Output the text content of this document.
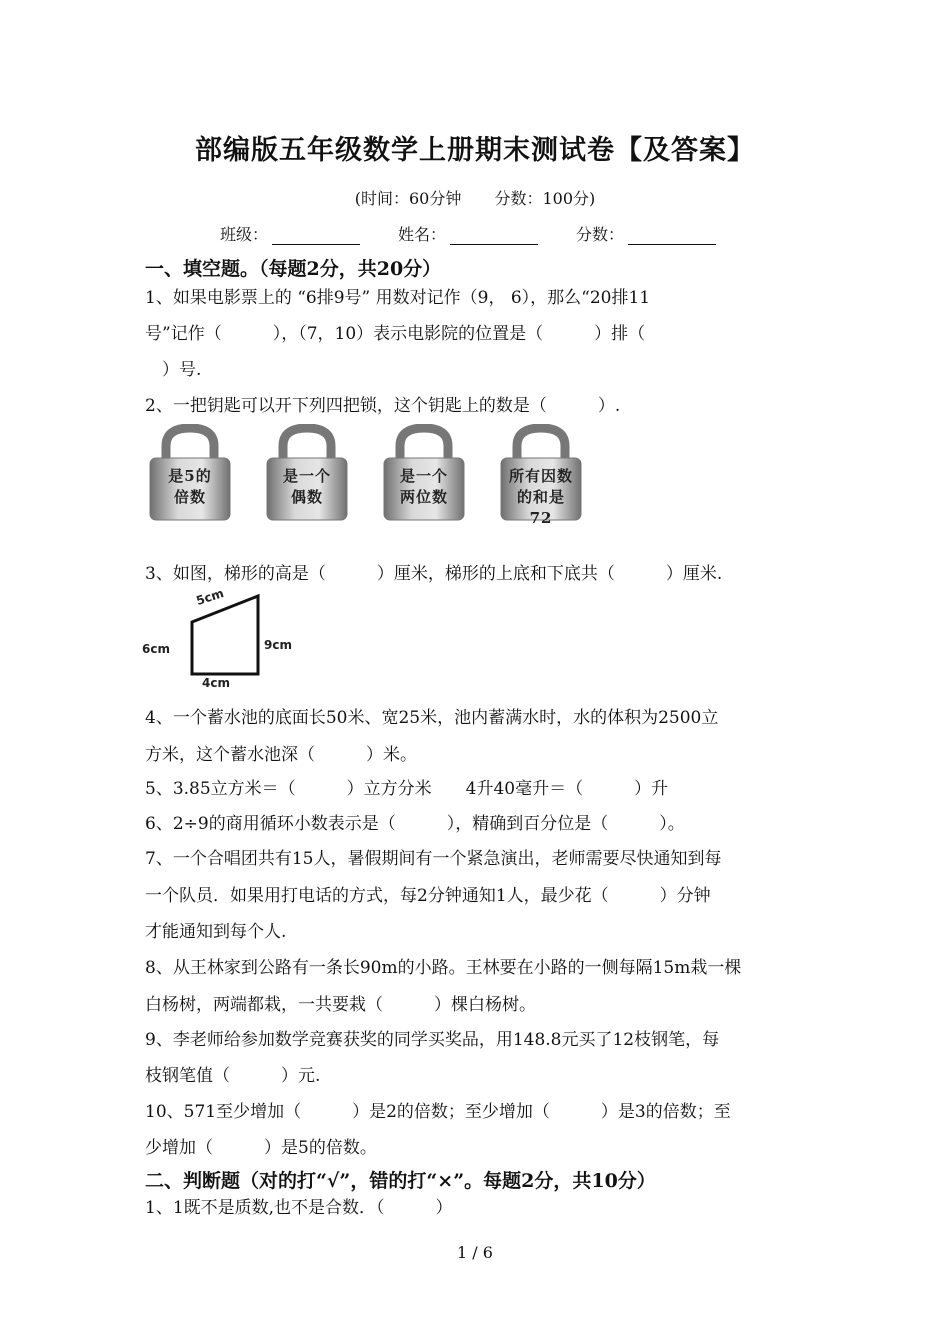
部编版五年级数学上册期末测试卷【及答案】
(时间：60分钟 分数：100分)
班级：	姓名：	分数：
一、填空题。（每题2分，共20分）
1、如果电影票上的 “6排9号” 用数对记作（9， 6），那么“20排11
号”记作（　　　），（7，10）表示电影院的位置是（　　　）排（
　）号.
2、一把钥匙可以开下列四把锁，这个钥匙上的数是（　　　）.
是5的
倍数
是一个
偶数
是一个
两位数
所有因数
的和是72
3、如图，梯形的高是（　　　）厘米，梯形的上底和下底共（　　　）厘米.
5cm
6cm	9cm
4cm
4、一个蓄水池的底面长50米、宽25米，池内蓄满水时，水的体积为2500立
方米，这个蓄水池深（　　　）米。
5、3.85立方米＝（　　　）立方分米　　4升40毫升＝（　　　）升
6、2÷9的商用循环小数表示是（　　　），精确到百分位是（　　　）。
7、一个合唱团共有15人，暑假期间有一个紧急演出，老师需要尽快通知到每
一个队员．如果用打电话的方式，每2分钟通知1人，最少花（　　　）分钟
才能通知到每个人.
8、从王林家到公路有一条长90m的小路。王林要在小路的一侧每隔15m栽一棵
白杨树，两端都栽，一共要栽（　　　）棵白杨树。
9、李老师给参加数学竞赛获奖的同学买奖品，用148.8元买了12枝钢笔，每
枝钢笔值（　　　）元.
10、571至少增加（　　　）是2的倍数；至少增加（　　　）是3的倍数；至
少增加（　　　）是5的倍数。
二、判断题（对的打“√”，错的打“×”。每题2分，共10分）
1、1既不是质数,也不是合数．（　　　）
1 / 6
